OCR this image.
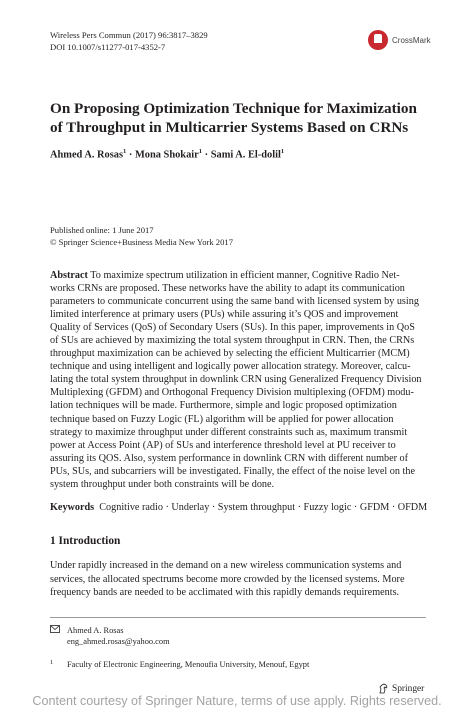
Wireless Pers Commun (2017) 96:3817–3829
DOI 10.1007/s11277-017-4352-7
CrossMark
On Proposing Optimization Technique for Maximization
of Throughput in Multicarrier Systems Based on CRNs
Ahmed A. Rosas$^1$ · Mona Shokair$^1$ · Sami A. El-dolil$^1$
Published online: 1 June 2017
© Springer Science+Business Media New York 2017
Abstract To maximize spectrum utilization in efficient manner, Cognitive Radio Net-
works CRNs are proposed. These networks have the ability to adapt its communication
parameters to communicate concurrent using the same band with licensed system by using
limited interference at primary users (PUs) while assuring it’s QOS and improvement
Quality of Services (QoS) of Secondary Users (SUs). In this paper, improvements in QoS
of SUs are achieved by maximizing the total system throughput in CRN. Then, the CRNs
throughput maximization can be achieved by selecting the efficient Multicarrier (MCM)
technique and using intelligent and logically power allocation strategy. Moreover, calcu-
lating the total system throughput in downlink CRN using Generalized Frequency Division
Multiplexing (GFDM) and Orthogonal Frequency Division multiplexing (OFDM) modu-
lation techniques will be made. Furthermore, simple and logic proposed optimization
technique based on Fuzzy Logic (FL) algorithm will be applied for power allocation
strategy to maximize throughput under different constraints such as, maximum transmit
power at Access Point (AP) of SUs and interference threshold level at PU receiver to
assuring its QOS. Also, system performance in downlink CRN with different number of
PUs, SUs, and subcarriers will be investigated. Finally, the effect of the noise level on the
system throughput under both constraints will be done.
Keywords Cognitive radio · Underlay · System throughput · Fuzzy logic · GFDM · OFDM
1 Introduction
Under rapidly increased in the demand on a new wireless communication systems and
services, the allocated spectrums become more crowded by the licensed systems. More
frequency bands are needed to be acclimated with this rapidly demands requirements.
Ahmed A. Rosas
eng_ahmed.rosas@yahoo.com
1 Faculty of Electronic Engineering, Menoufia University, Menouf, Egypt
Springer
Content courtesy of Springer Nature, terms of use apply. Rights reserved.
